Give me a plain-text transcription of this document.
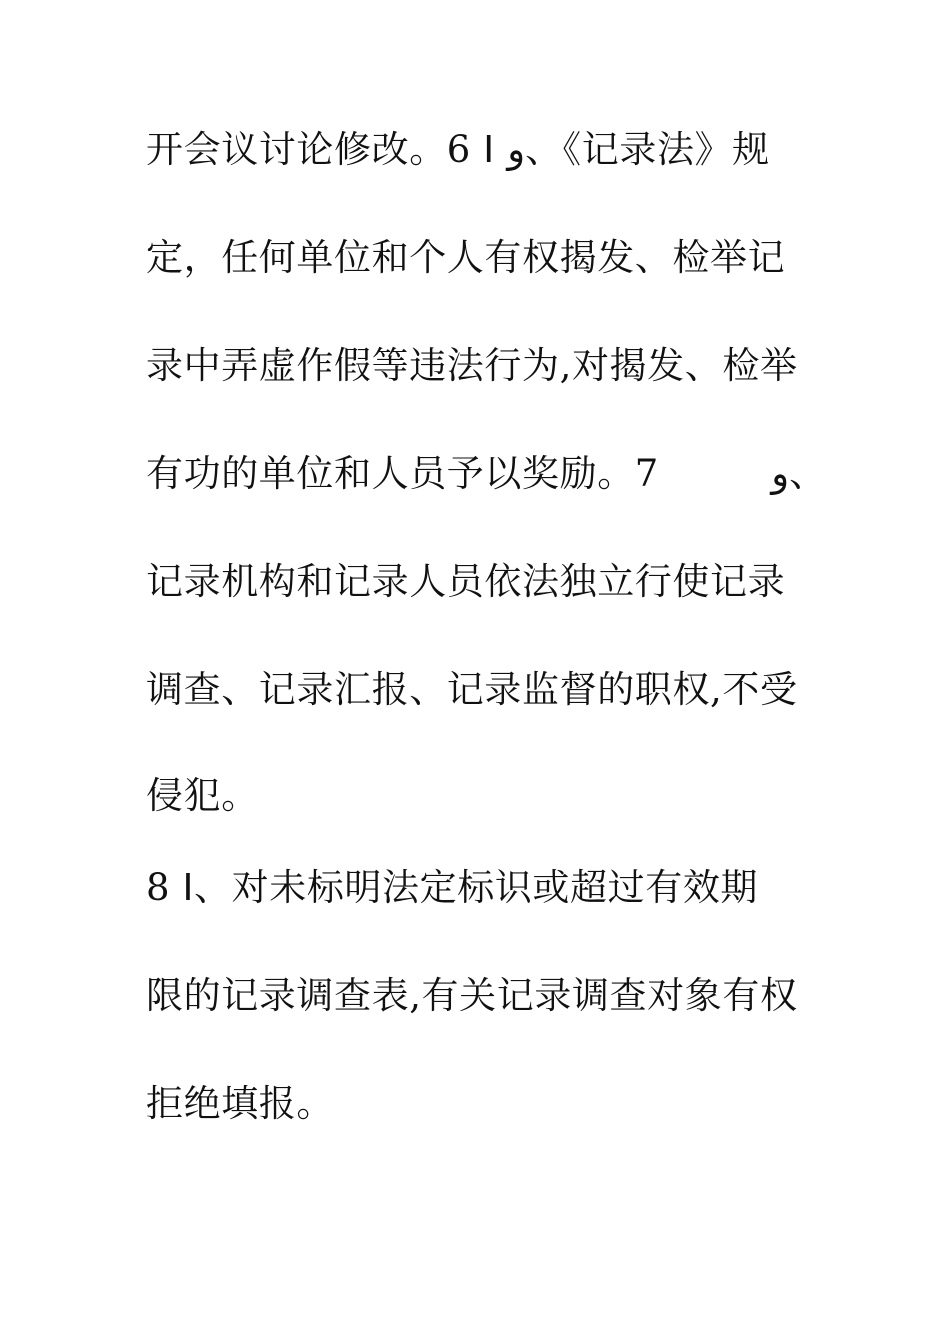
开会议讨论修改。6 ꓲ و、《记录法》规
定，任何单位和个人有权揭发、检举记
录中弄虚作假等违法行为,对揭发、检举
有功的单位和人员予以奖励。7 　 　 و、
记录机构和记录人员依法独立行使记录
调查、记录汇报、记录监督的职权,不受
侵犯。
8 ꓲ、对未标明法定标识或超过有效期
限的记录调查表,有关记录调查对象有权
拒绝填报。
